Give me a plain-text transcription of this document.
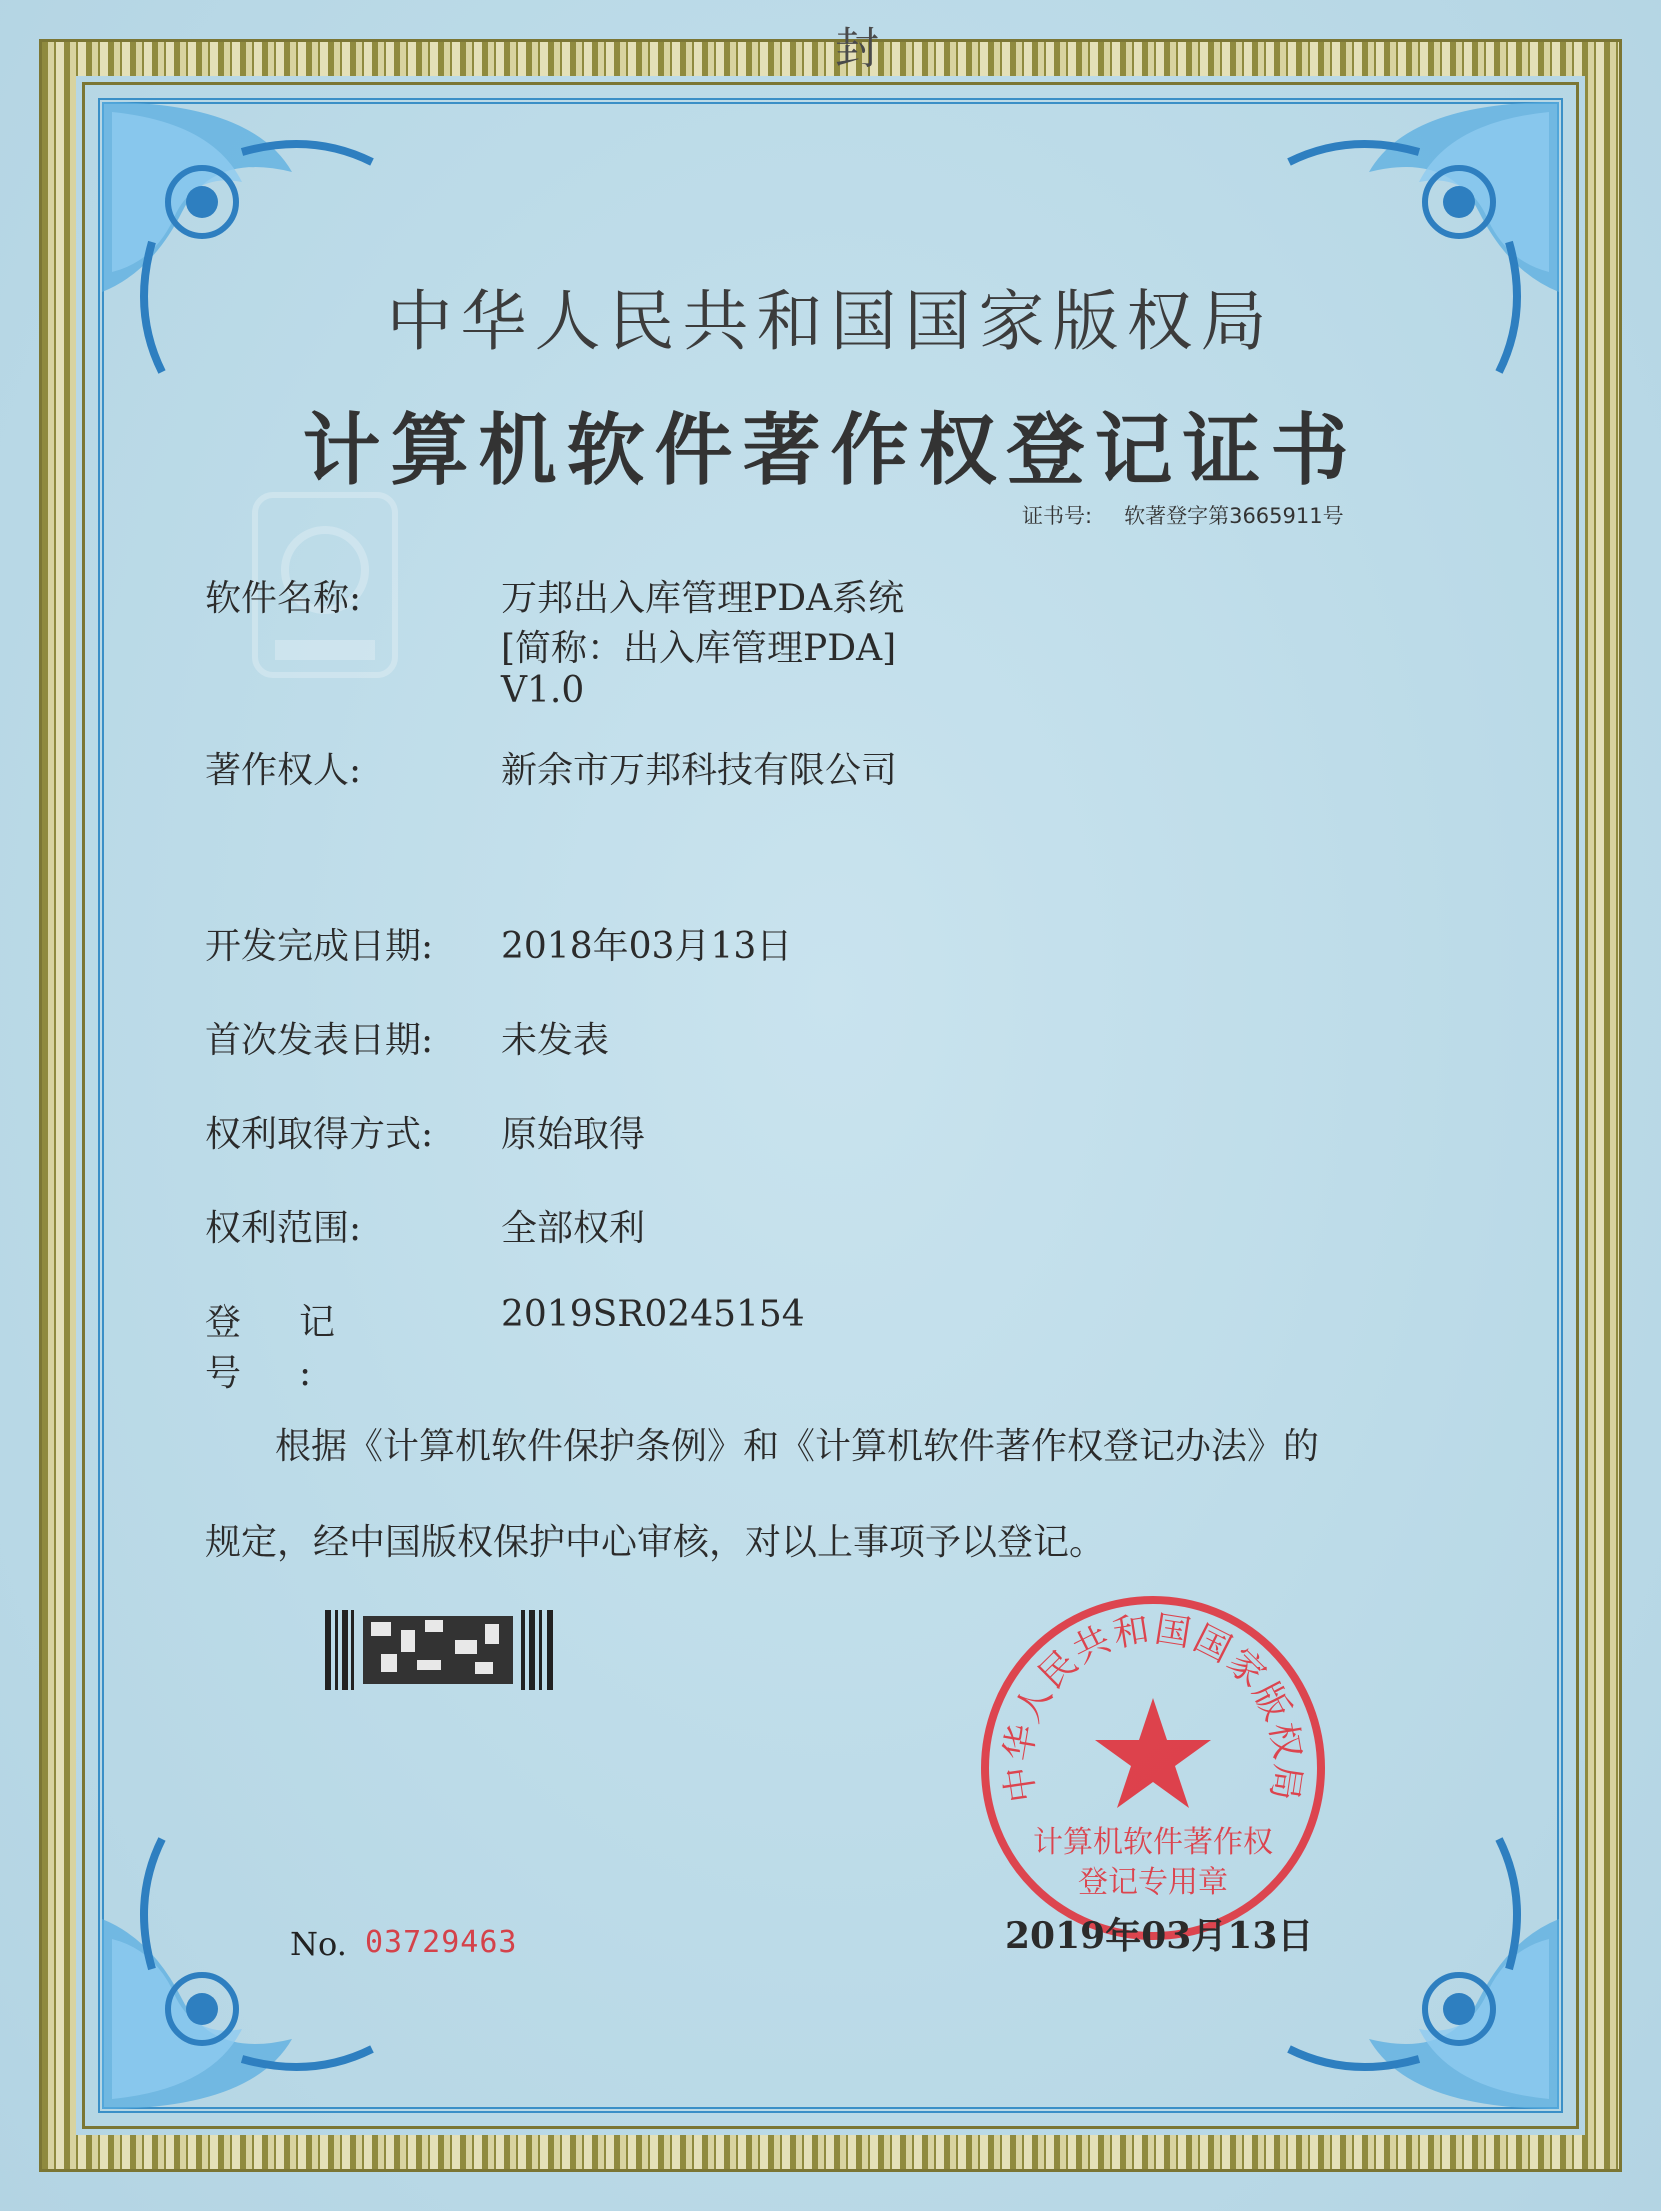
封
中华人民共和国国家版权局
计算机软件著作权登记证书
证书号: 软著登字第3665911号
软件名称:	万邦出入库管理PDA系统
[简称：出入库管理PDA]
V1.0
著作权人:	新余市万邦科技有限公司
开发完成日期: 2018年03月13日
首次发表日期: 未发表
权利取得方式: 原始取得
权利范围:	全部权利
登记号:
2019SR0245154
根据《计算机软件保护条例》和《计算机软件著作权登记办法》的
规定，经中国版权保护中心审核，对以上事项予以登记。
No. 03729463
中华人民共和国国家版权局
计算机软件著作权
登记专用章
2019年03月13日
